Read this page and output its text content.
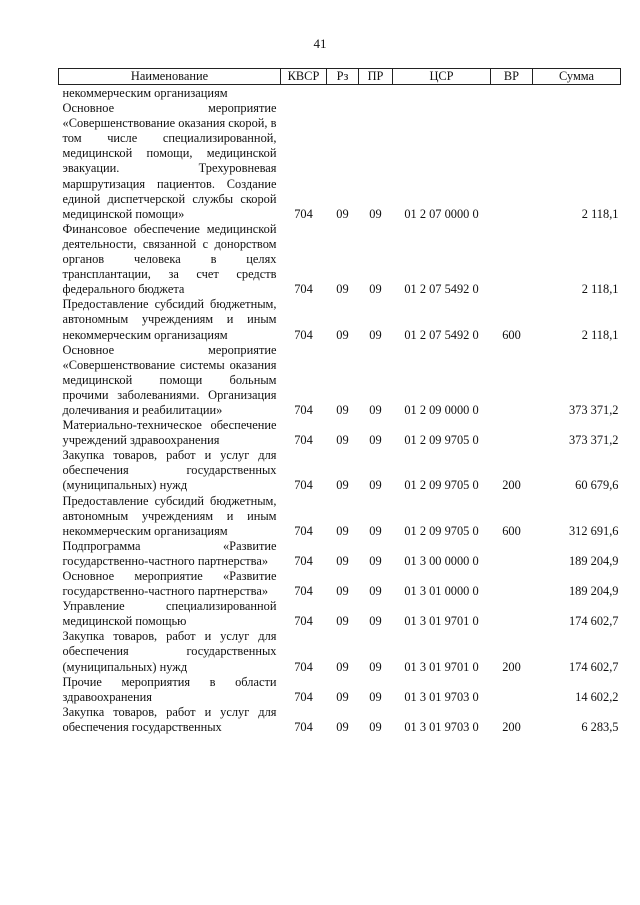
41
Наименование	КВСР	Рз	ПР	ЦСР	ВР	Сумма
некоммерческим организациям						
Основное мероприятие «Совершенствование оказания скорой, в том числе специализированной, медицинской помощи, медицинской эвакуации. Трехуровневая маршрутизация пациентов. Создание единой диспетчерской службы скорой медицинской помощи»	704	09	09	01 2 07 0000 0		2 118,1
Финансовое обеспечение медицинской деятельности, связанной с донорством органов человека в целях трансплантации, за счет средств федерального бюджета	704	09	09	01 2 07 5492 0		2 118,1
Предоставление субсидий бюджетным, автономным учреждениям и иным некоммерческим организациям	704	09	09	01 2 07 5492 0	600	2 118,1
Основное мероприятие «Совершенствование системы оказания медицинской помощи больным прочими заболеваниями. Организация долечивания и реабилитации»	704	09	09	01 2 09 0000 0		373 371,2
Материально-техническое обеспечение учреждений здравоохранения	704	09	09	01 2 09 9705 0		373 371,2
Закупка товаров, работ и услуг для обеспечения государственных (муниципальных) нужд	704	09	09	01 2 09 9705 0	200	60 679,6
Предоставление субсидий бюджетным, автономным учреждениям и иным некоммерческим организациям	704	09	09	01 2 09 9705 0	600	312 691,6
Подпрограмма «Развитие государственно-частного партнерства»	704	09	09	01 3 00 0000 0		189 204,9
Основное мероприятие «Развитие государственно-частного партнерства»	704	09	09	01 3 01 0000 0		189 204,9
Управление специализированной медицинской помощью	704	09	09	01 3 01 9701 0		174 602,7
Закупка товаров, работ и услуг для обеспечения государственных (муниципальных) нужд	704	09	09	01 3 01 9701 0	200	174 602,7
Прочие мероприятия в области здравоохранения	704	09	09	01 3 01 9703 0		14 602,2
Закупка товаров, работ и услуг для обеспечения государственных	704	09	09	01 3 01 9703 0	200	6 283,5
